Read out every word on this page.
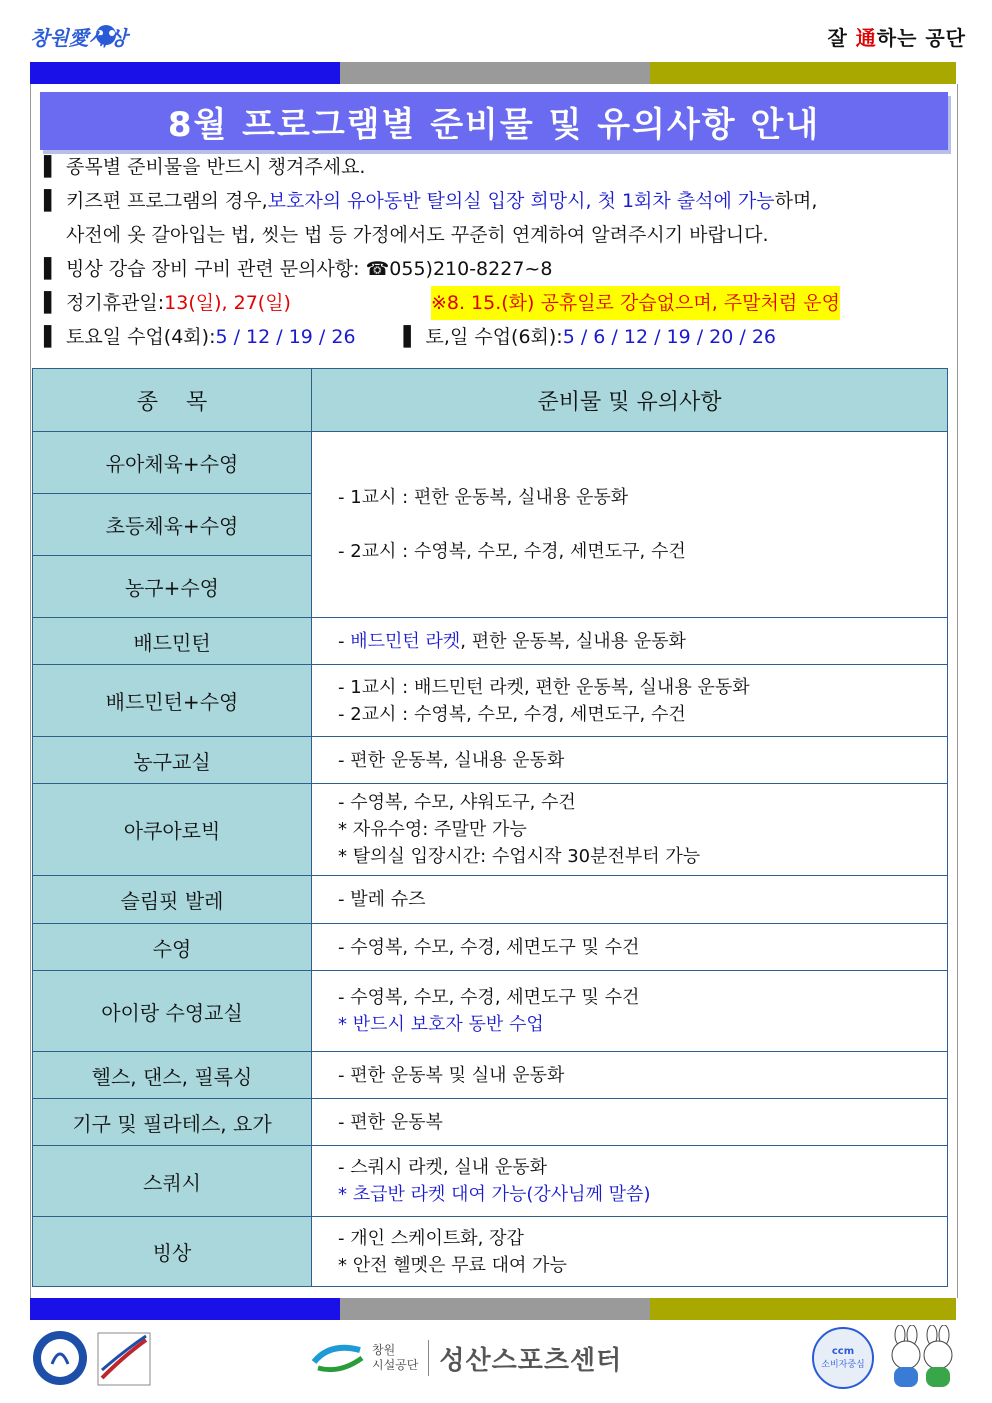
창원愛세상	잘 通하는 공단
8월 프로그램별 준비물 및 유의사항 안내
▌ 종목별 준비물을 반드시 챙겨주세요.
▌ 키즈편 프로그램의 경우, 보호자의 유아동반 탈의실 입장 희망시, 첫 1회차 출석에 가능 하며,
사전에 옷 갈아입는 법, 씻는 법 등 가정에서도 꾸준히 연계하여 알려주시기 바랍니다.
▌ 빙상 강습 장비 구비 관련 문의사항: ☎055)210-8227~8
▌ 정기휴관일: 13(일), 27(일)	※8. 15.(화) 공휴일로 강습없으며, 주말처럼 운영
▌ 토요일 수업(4회): 5 / 12 / 19 / 26	▌ 토,일 수업(6회): 5 / 6 / 12 / 19 / 20 / 26
종    목	준비물 및 유의사항
유아체육+수영	- 1교시 : 편한 운동복, 실내용 운동화
- 2교시 : 수영복, 수모, 수경, 세면도구, 수건

초등체육+수영	
농구+수영	
배드민턴	- 배드민턴 라켓, 편한 운동복, 실내용 운동화
배드민턴+수영	- 1교시 : 배드민턴 라켓, 편한 운동복, 실내용 운동화
- 2교시 : 수영복, 수모, 수경, 세면도구, 수건

농구교실	- 편한 운동복, 실내용 운동화
아쿠아로빅	- 수영복, 수모, 샤워도구, 수건
* 자유수영: 주말만 가능
* 탈의실 입장시간: 수업시작 30분전부터 가능

슬림핏 발레	- 발레 슈즈
수영	- 수영복, 수모, 수경, 세면도구 및 수건
아이랑 수영교실	- 수영복, 수모, 수경, 세면도구 및 수건
* 반드시 보호자 동반 수업

헬스, 댄스, 필록싱	- 편한 운동복 및 실내 운동화
기구 및 필라테스, 요가	- 편한 운동복
스쿼시	- 스쿼시 라켓, 실내 운동화
* 초급반 라켓 대여 가능(강사님께 말씀)

빙상	- 개인 스케이트화, 장갑
* 안전 헬멧은 무료 대여 가능
창원
시설공단 성산스포츠센터	ccm
소비자중심
